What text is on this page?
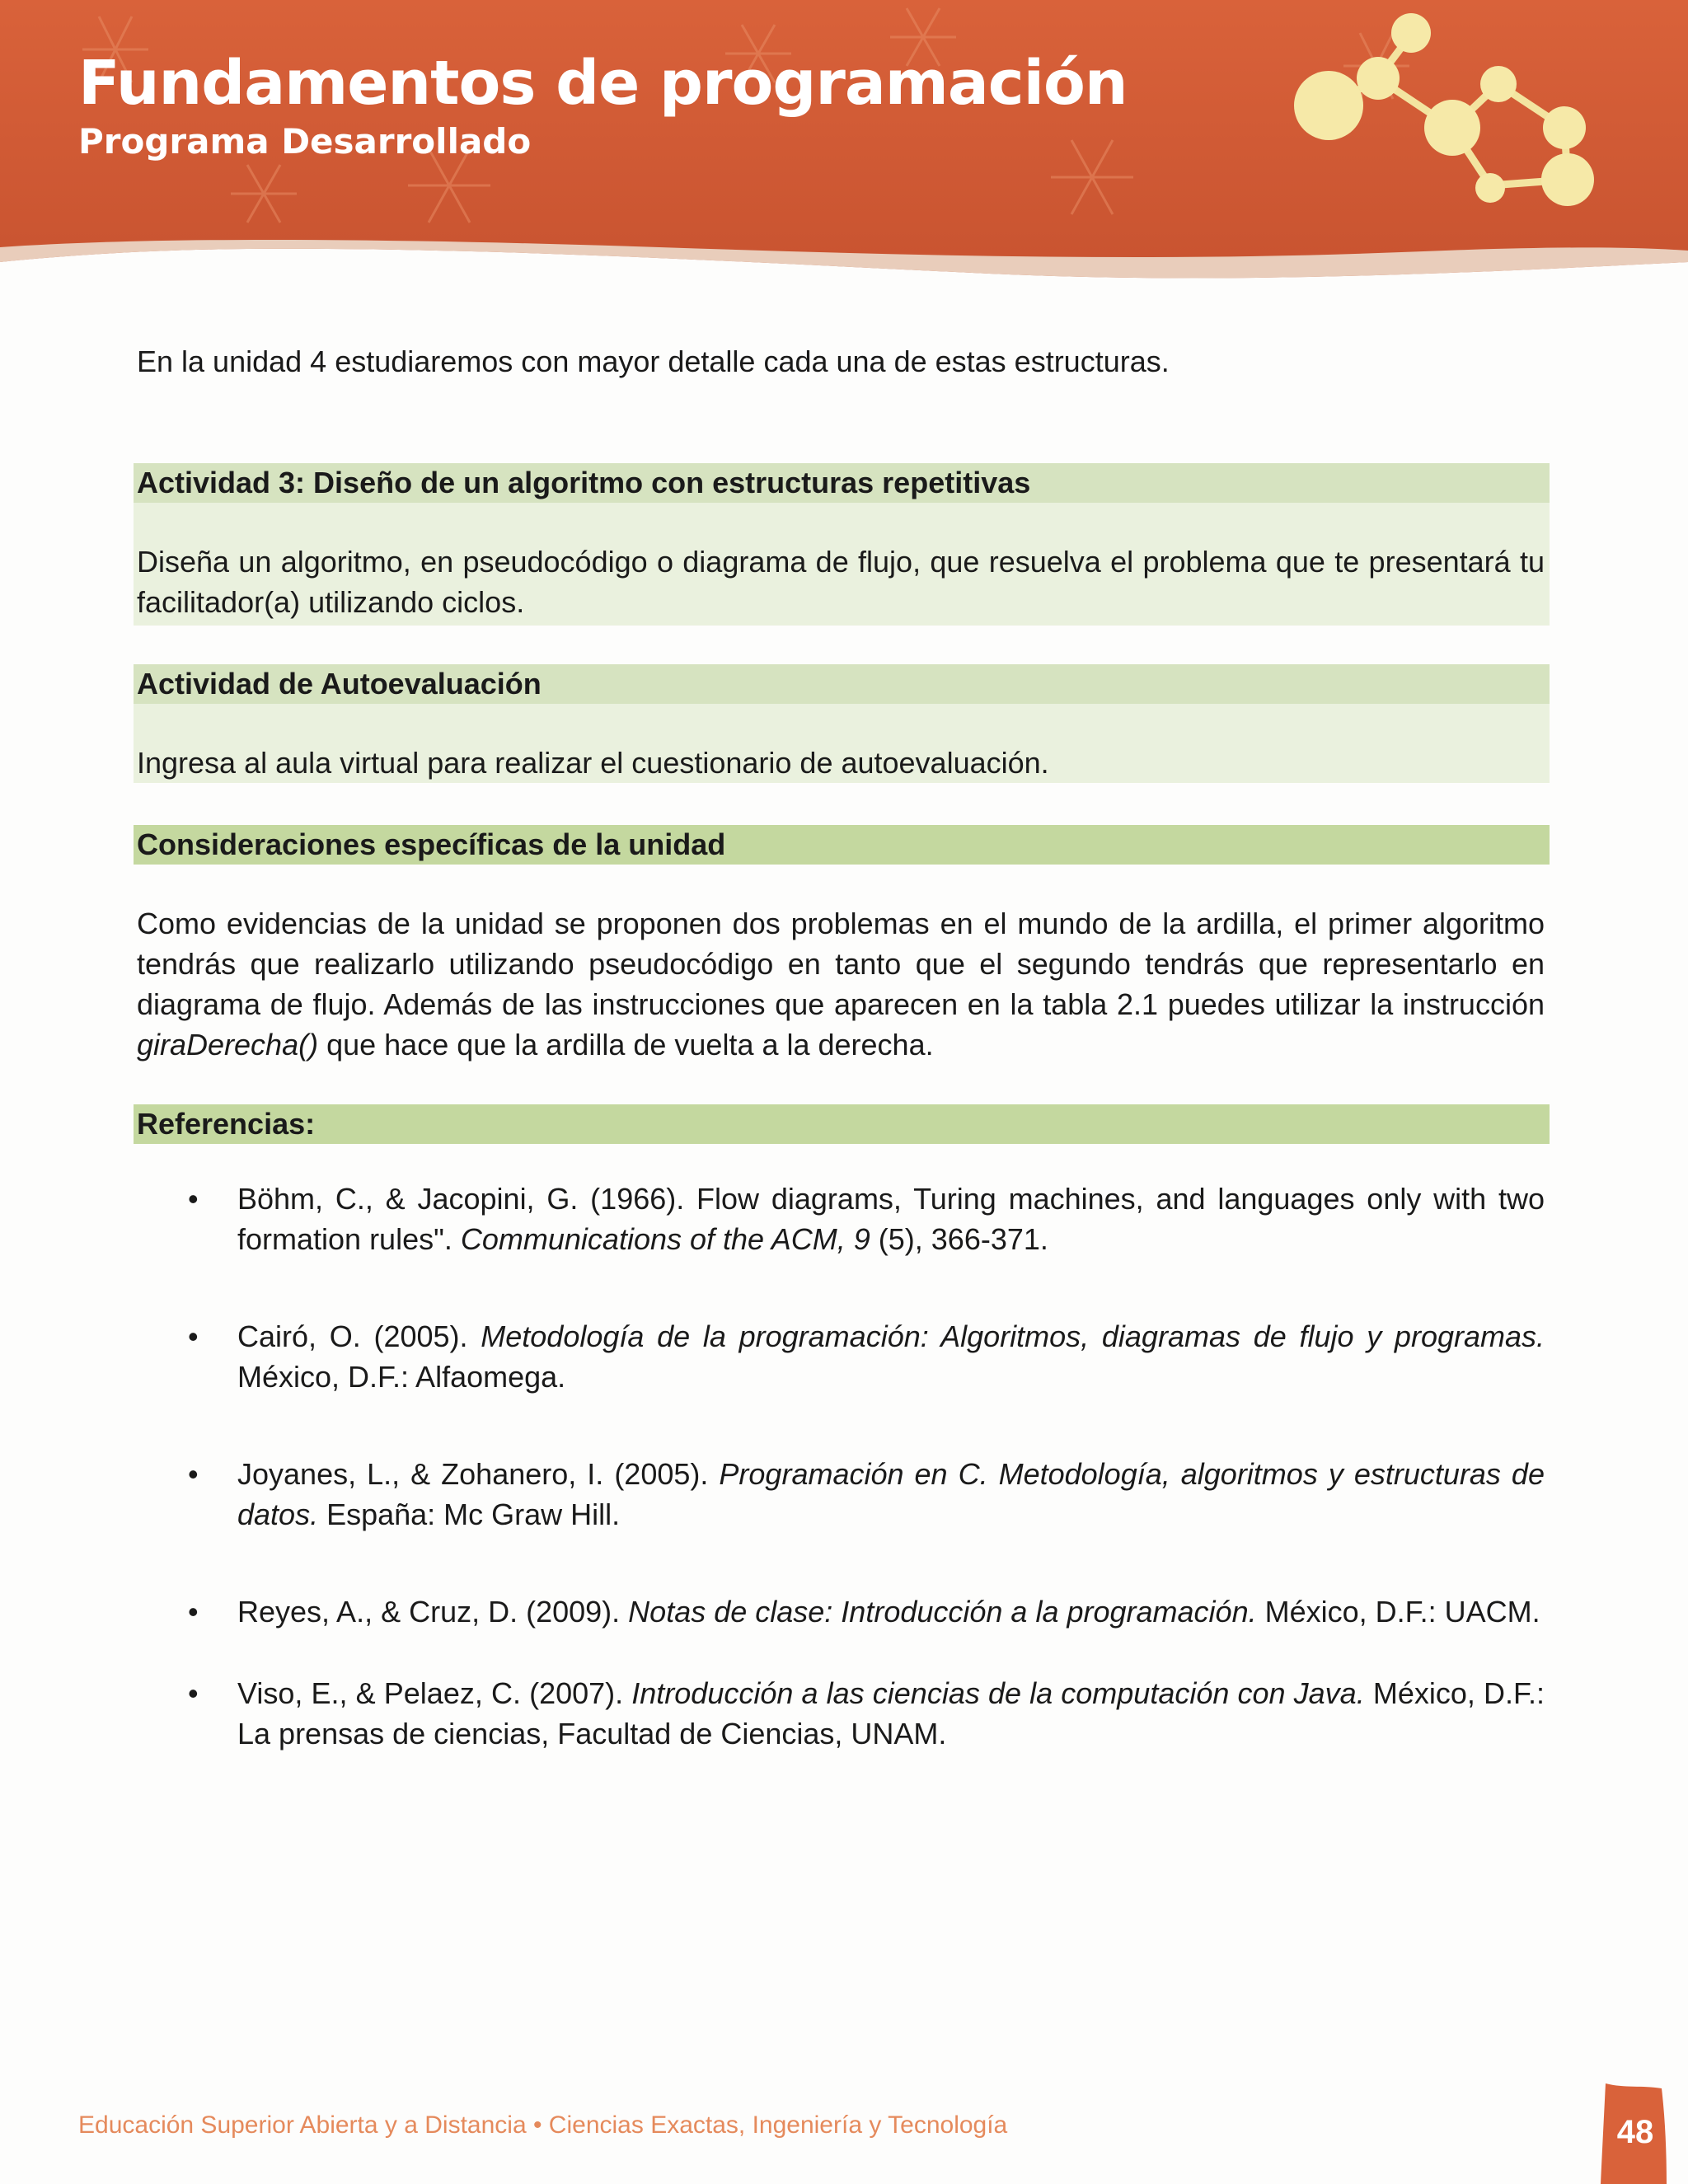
Fundamentos de programación
Programa Desarrollado

En la unidad 4 estudiaremos con mayor detalle cada una de estas estructuras.

Actividad 3: Diseño de un algoritmo con estructuras repetitivas
Diseña un algoritmo, en pseudocódigo o diagrama de flujo, que resuelva el problema que te presentará tu facilitador(a) utilizando ciclos.
Actividad de Autoevaluación
Ingresa al aula virtual para realizar el cuestionario de autoevaluación.
Consideraciones específicas de la unidad

Como evidencias de la unidad se proponen dos problemas en el mundo de la ardilla, el primer algoritmo tendrás que realizarlo utilizando pseudocódigo en tanto que el segundo tendrás que representarlo en diagrama de flujo. Además de las instrucciones que aparecen en la tabla 2.1 puedes utilizar la instrucción giraDerecha() que hace que la ardilla de vuelta a la derecha.

Referencias:
• Böhm, C., & Jacopini, G. (1966). Flow diagrams, Turing machines, and languages only with two formation rules". Communications of the ACM, 9 (5), 366-371.
• Cairó, O. (2005). Metodología de la programación: Algoritmos, diagramas de flujo y programas. México, D.F.: Alfaomega.
• Joyanes, L., & Zohanero, I. (2005). Programación en C. Metodología, algoritmos y estructuras de datos. España: Mc Graw Hill.
• Reyes, A., & Cruz, D. (2009). Notas de clase: Introducción a la programación. México, D.F.: UACM.
• Viso, E., & Pelaez, C. (2007). Introducción a las ciencias de la computación con Java. México, D.F.: La prensas de ciencias, Facultad de Ciencias, UNAM.
Educación Superior Abierta y a Distancia • Ciencias Exactas, Ingeniería y Tecnología	48
